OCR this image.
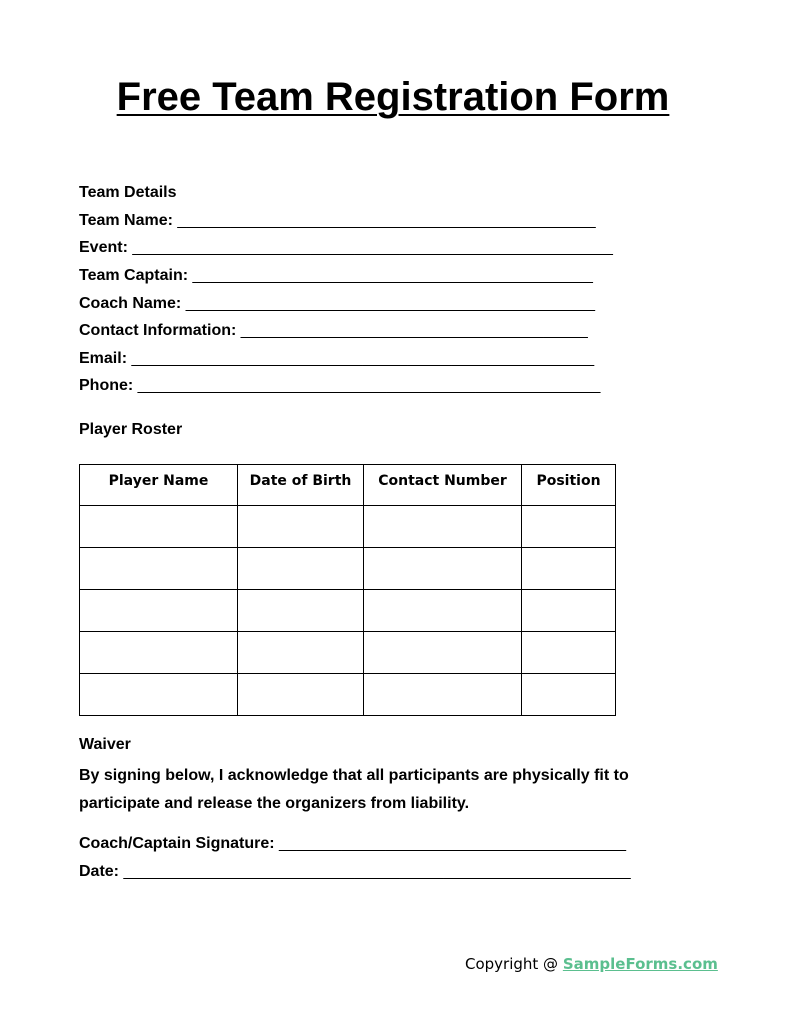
Free Team Registration Form

Team Details

Team Name: _______________________________________________

Event: ______________________________________________________

Team Captain: _____________________________________________

Coach Name: ______________________________________________

Contact Information: _______________________________________

Email: ____________________________________________________

Phone: ____________________________________________________

Player Roster

Player Name	Date of Birth	Contact Number	Position

Waiver

By signing below, I acknowledge that all participants are physically fit to participate and release the organizers from liability.

Coach/Captain Signature: _______________________________________

Date: _________________________________________________________

Copyright @ SampleForms.com
